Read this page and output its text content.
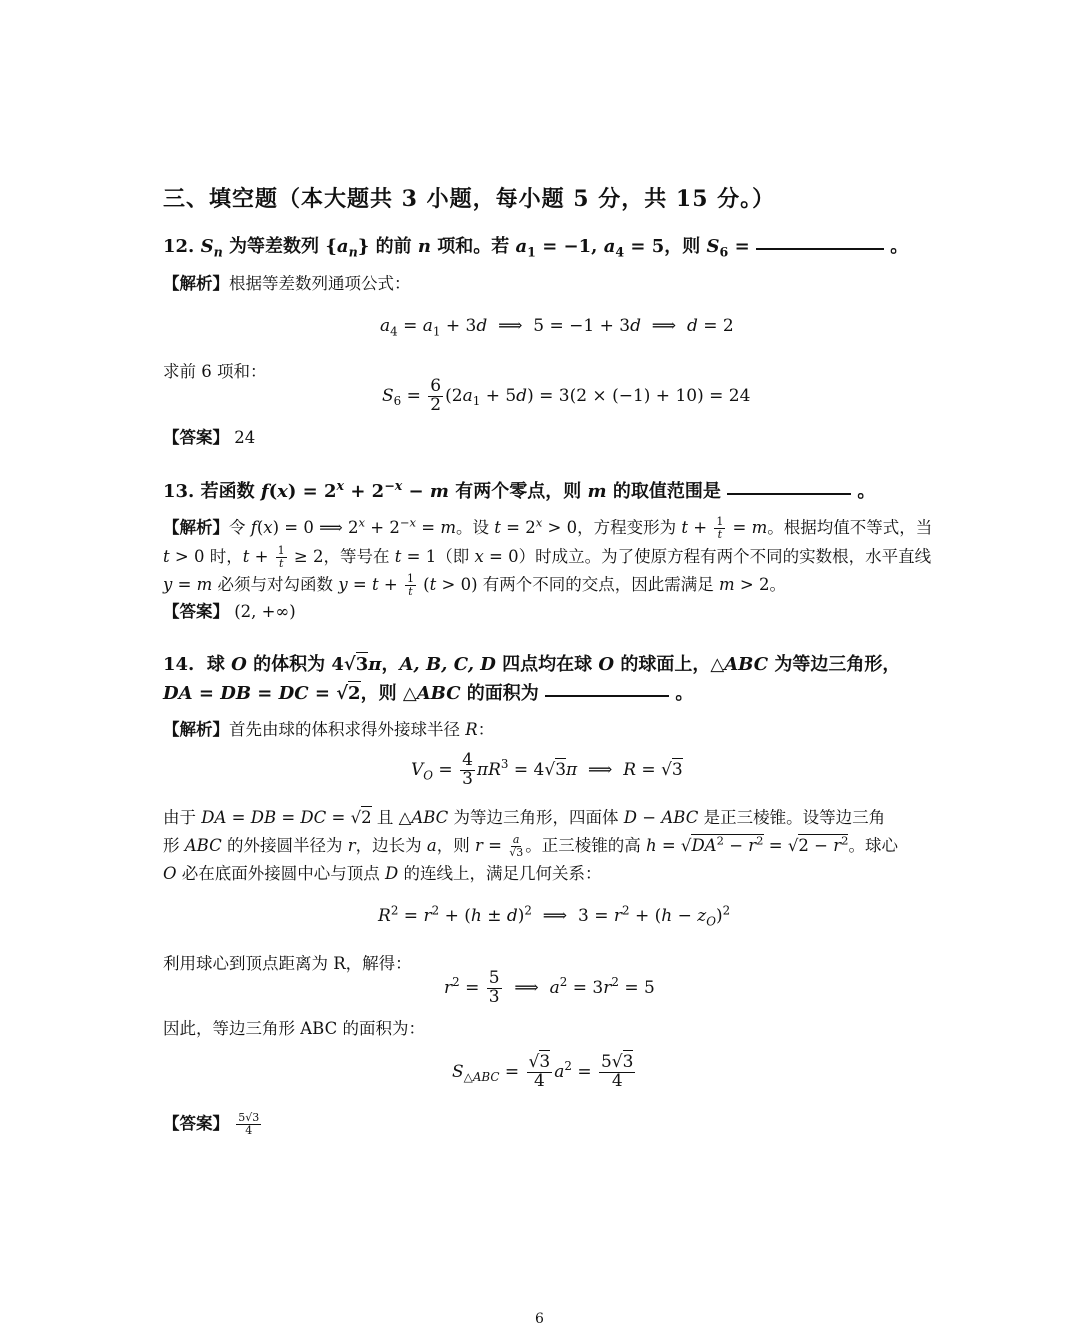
三、填空题（本大题共 3 小题，每小题 5 分，共 15 分。）
12. $S_n$ 为等差数列 $\{a_n\}$ 的前 n 项和。若 $a_1 = -1$, $a_4 = 5$，则 $S_6$ =	。
【解析】根据等差数列通项公式：
$a_4 = a_1 + 3d$  ⟹  5 = −1 + 3d  ⟹  d = 2
求前 6 项和：
$S_6 = \frac{6}{2} (2a_1 + 5d) = 3(2 \times (-1) + 10) = 24$
【答案】 24
13. 若函数 $f(x) = 2^x + 2^{-x} - m$ 有两个零点，则 m 的取值范围是	。
【解析】令 f(x) = 0 ⟹ $2^x + 2^{-x} = m$。设 $t = 2^x > 0$，方程变形为 $t + \frac{1}{t} = m$。根据均值不等式，当
t > 0 时，$t + \frac{1}{t} \ge 2$，等号在 t = 1（即 x = 0）时成立。为了使原方程有两个不同的实数根，水平直线
y = m 必须与对勾函数 $y = t + \frac{1}{t} (t > 0)$ 有两个不同的交点，因此需满足 m > 2。
【答案】 (2, +∞)
14.  球 O 的体积为 4√3π，A, B, C, D 四点均在球 O 的球面上，△ABC 为等边三角形，
DA = DB = DC = √2，则 △ABC 的面积为	。
【解析】首先由球的体积求得外接球半径 R：
$V_O = \frac{4}{3} \pi R^3 = 4√3\pi$  ⟹  R = √3
由于 DA = DB = DC = √2 且 △ABC 为等边三角形，四面体 D − ABC 是正三棱锥。设等边三角
形 ABC 的外接圆半径为 r，边长为 a，则 $r = \frac{a}{√3}$ 。正三棱锥的高 $h = √DA^2 - r^2 = √2 - r^2$。球心
O 必在底面外接圆中心与顶点 D 的连线上，满足几何关系：
$R^2 = r^2 + (h \pm d)^2$  ⟹  $3 = r^2 + (h - z_O)^2$
利用球心到顶点距离为 R，解得：
$r^2 = \frac{5}{3}$ ⟹  $a^2 = 3r^2 = 5$
因此，等边三角形 ABC 的面积为：
$S_{\triangle ABC} = \frac{√3}{4} a^2 = \frac{5√3}{4}$
【答案】 $\frac{5√3}{4}$
6
